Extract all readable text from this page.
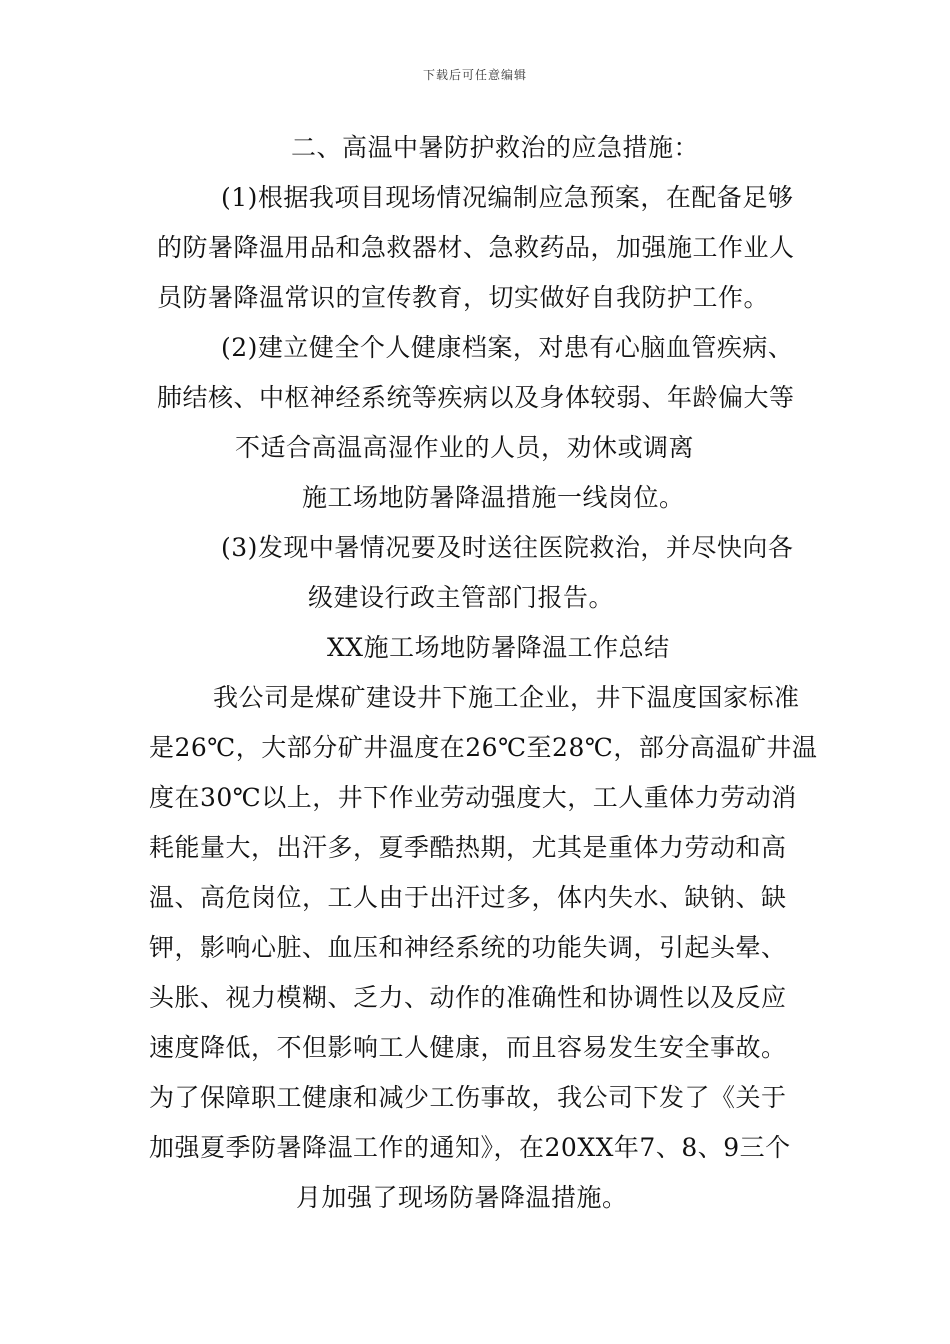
下载后可任意编辑
二、高温中暑防护救治的应急措施：
(1)根据我项目现场情况编制应急预案，在配备足够
的防暑降温用品和急救器材、急救药品，加强施工作业人
员防暑降温常识的宣传教育，切实做好自我防护工作。
(2)建立健全个人健康档案，对患有心脑血管疾病、
肺结核、中枢神经系统等疾病以及身体较弱、年龄偏大等
不适合高温高湿作业的人员，劝休或调离
施工场地防暑降温措施一线岗位。
(3)发现中暑情况要及时送往医院救治，并尽快向各
级建设行政主管部门报告。
XX施工场地防暑降温工作总结
我公司是煤矿建设井下施工企业，井下温度国家标准
是26℃，大部分矿井温度在26℃至28℃，部分高温矿井温
度在30℃以上，井下作业劳动强度大，工人重体力劳动消
耗能量大，出汗多，夏季酷热期，尤其是重体力劳动和高
温、高危岗位，工人由于出汗过多，体内失水、缺钠、缺
钾，影响心脏、血压和神经系统的功能失调，引起头晕、
头胀、视力模糊、乏力、动作的准确性和协调性以及反应
速度降低，不但影响工人健康，而且容易发生安全事故。
为了保障职工健康和减少工伤事故，我公司下发了《关于
加强夏季防暑降温工作的通知》，在20XX年7、8、9三个
月加强了现场防暑降温措施。
